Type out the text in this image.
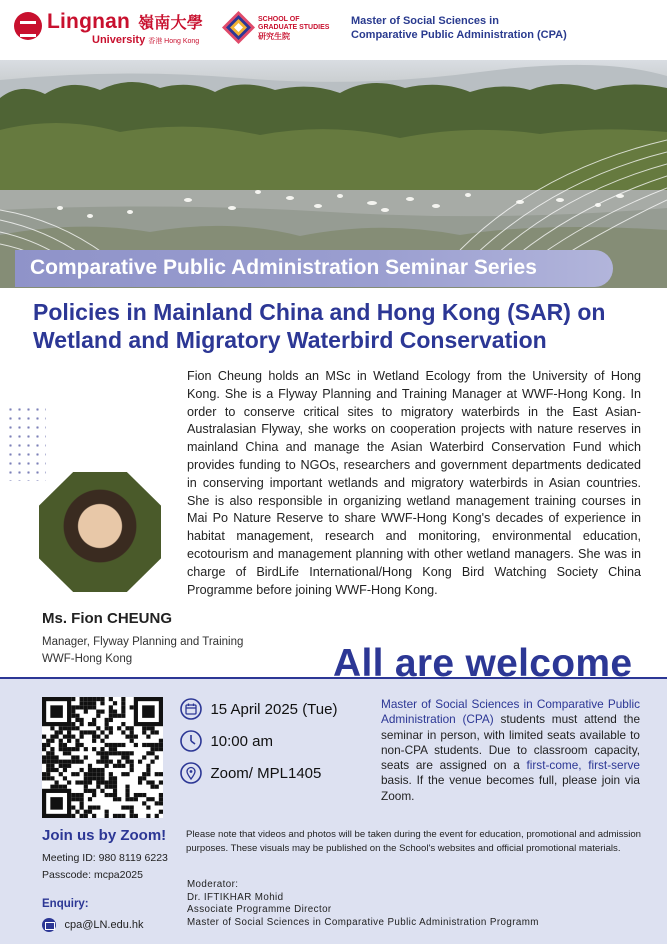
Lingnan 嶺南大學
University 香港 Hong Kong
SCHOOL OF
GRADUATE STUDIES
研究生院
Master of Social Sciences in
Comparative Public Administration (CPA)
Comparative Public Administration Seminar Series
Policies in Mainland China and Hong Kong (SAR) on Wetland and Migratory Waterbird Conservation
Fion Cheung holds an MSc in Wetland Ecology from the University of Hong Kong. She is a Flyway Planning and Training Manager at WWF-Hong Kong. In order to conserve critical sites to migratory waterbirds in the East Asian-Australasian Flyway, she works on cooperation projects with nature reserves in mainland China and manage the Asian Waterbird Conservation Fund which provides funding to NGOs, researchers and government departments dedicated in conserving important wetlands and migratory waterbirds in Asian countries. She is also responsible in organizing wetland management training courses in Mai Po Nature Reserve to share WWF-Hong Kong's decades of experience in habitat management, research and monitoring, environmental education, ecotourism and management planning with other wetland managers. She was in charge of BirdLife International/Hong Kong Bird Watching Society China Programme before joining WWF-Hong Kong.
Ms. Fion CHEUNG
Manager, Flyway Planning and Training
WWF-Hong Kong	All are welcome
Join us by Zoom!
Meeting ID: 980 8119 6223
Passcode: mcpa2025
Enquiry:
cpa@LN.edu.hk
15 April 2025 (Tue)
10:00 am
Zoom/ MPL1405
Master of Social Sciences in Comparative Public Administration (CPA) students must attend the seminar in person, with limited seats available to non-CPA students. Due to classroom capacity, seats are assigned on a first-come, first-serve basis. If the venue becomes full, please join via Zoom.
Please note that videos and photos will be taken during the event for education, promotional and admission purposes. These visuals may be published on the School's websites and official promotional materials.
Moderator:
Dr. IFTIKHAR Mohid
Associate Programme Director
Master of Social Sciences in Comparative Public Administration Programm
